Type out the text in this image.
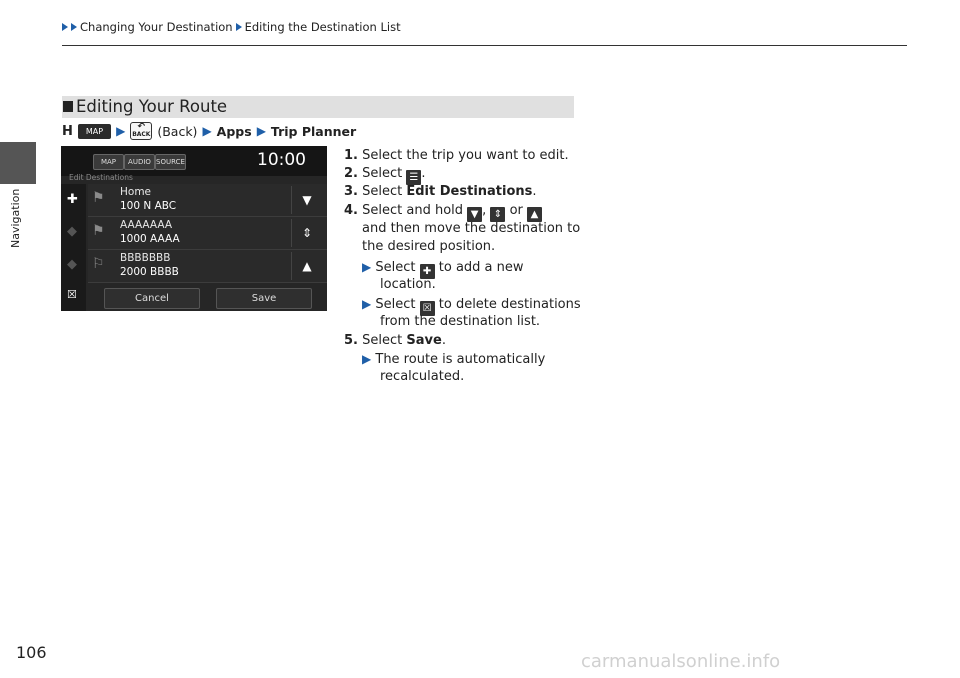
Changing Your Destination Editing the Destination List
Navigation
Editing Your Route
H	MAP	▶ ↶
BACK (Back) ▶ Apps ▶ Trip Planner
MAP	AUDIO SOURCE	10:00
Edit Destinations
✚
◆
◆
☒
⚑ Home
100 N ABC	▼
⚑ AAAAAAA
1000 AAAA	⇕
⚐ BBBBBBB
2000 BBBB	▲
Cancel	Save
1. Select the trip you want to edit.
2. Select ☰ .
3. Select Edit Destinations.
4. Select and hold ▼ , ⇕ or ▲
and then move the destination to
the desired position.
▶ Select ✚ to add a new
location.
▶ Select ☒ to delete destinations
from the destination list.
5. Select Save.
▶ The route is automatically
recalculated.
106	carmanualsonline.info
